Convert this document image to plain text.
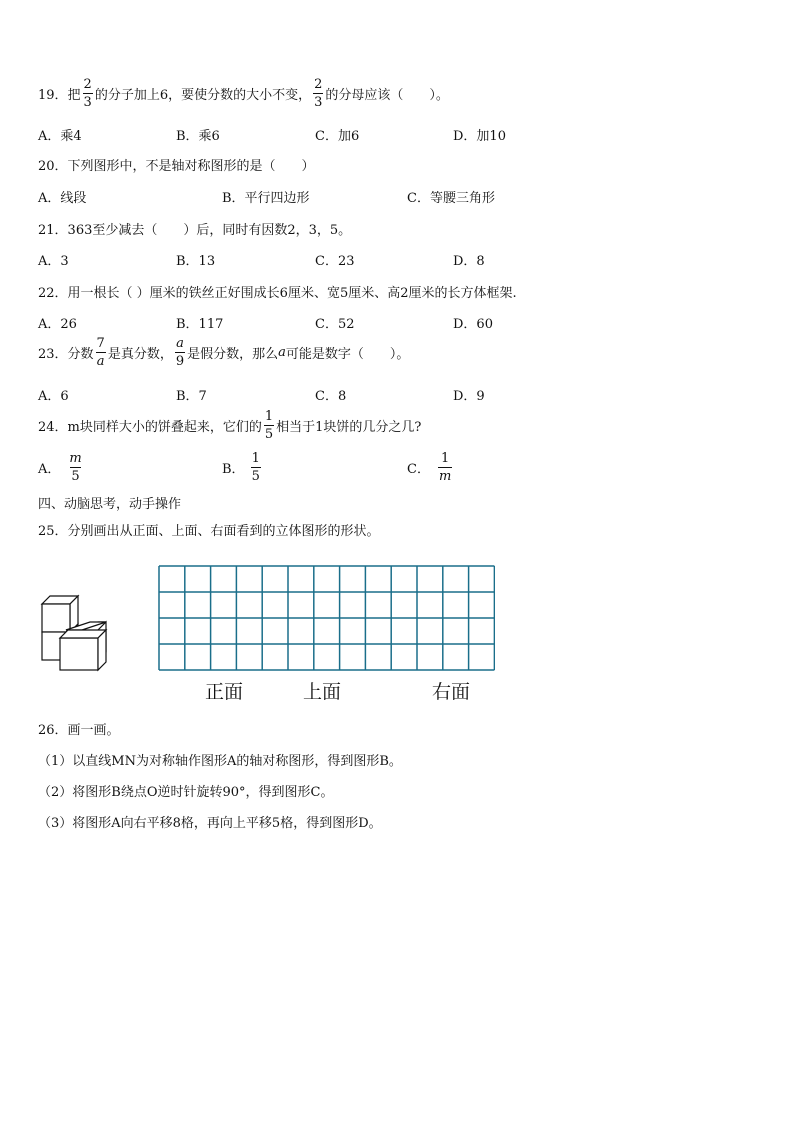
19．把 $\frac{2}{3}$ 的分子加上6，要使分数的大小不变， $\frac{2}{3}$ 的分母应该（　　）。
A．乘4	B．乘6	C．加6	D．加10
20．下列图形中，不是轴对称图形的是（　　）
A．线段	B．平行四边形	C．等腰三角形
21．363至少减去（　　）后，同时有因数2，3，5。
A．3	B．13	C．23	D．8
22．用一根长（ ）厘米的铁丝正好围成长6厘米、宽5厘米、高2厘米的长方体框架.
A．26	B．117	C．52	D．60
23．分数 $\frac{7}{a}$ 是真分数， $\frac{a}{9}$ 是假分数，那么 a 可能是数字（　　）。
A．6	B．7	C．8	D．9
24．m块同样大小的饼叠起来，它们的 $\frac{1}{5}$ 相当于1块饼的几分之几?
A． $\frac{m}{5}$	B． $\frac{1}{5}$	C． $\frac{1}{m}$
四、动脑思考，动手操作
25．分别画出从正面、上面、右面看到的立体图形的形状。
正面	上面	右面
26．画一画。
（1）以直线MN为对称轴作图形A的轴对称图形，得到图形B。
（2）将图形B绕点O逆时针旋转90°，得到图形C。
（3）将图形A向右平移8格，再向上平移5格，得到图形D。
